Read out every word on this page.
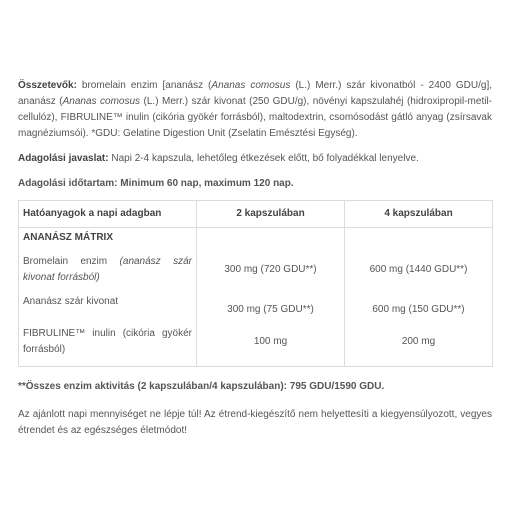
Összetevők: bromelain enzim [ananász (Ananas comosus (L.) Merr.) szár kivonatból - 2400 GDU/g], ananász (Ananas comosus (L.) Merr.) szár kivonat (250 GDU/g), növényi kapszulahéj (hidroxipropil-metil-cellulóz), FIBRULINE™ inulin (cikória gyökér forrásból), maltodextrin, csomósodást gátló anyag (zsírsavak magnéziumsói). *GDU: Gelatine Digestion Unit (Zselatin Emésztési Egység).

Adagolási javaslat: Napi 2-4 kapszula, lehetőleg étkezések előtt, bő folyadékkal lenyelve.

Adagolási időtartam: Minimum 60 nap, maximum 120 nap.

Hatóanyagok a napi adagban	2 kapszulában	4 kapszulában
ANANÁSZ MÁTRIX		
Bromelain enzim (ananász szár kivonat forrásból)	300 mg (720 GDU**)	600 mg (1440 GDU**)
Ananász szár kivonat	300 mg (75 GDU**)	600 mg (150 GDU**)
FIBRULINE™ inulin (cikória gyökér forrásból)	100 mg	200 mg

**Összes enzim aktivitás (2 kapszulában/4 kapszulában): 795 GDU/1590 GDU.

Az ajánlott napi mennyiséget ne lépje túl! Az étrend-kiegészítő nem helyettesíti a kiegyensúlyozott, vegyes étrendet és az egészséges életmódot!
